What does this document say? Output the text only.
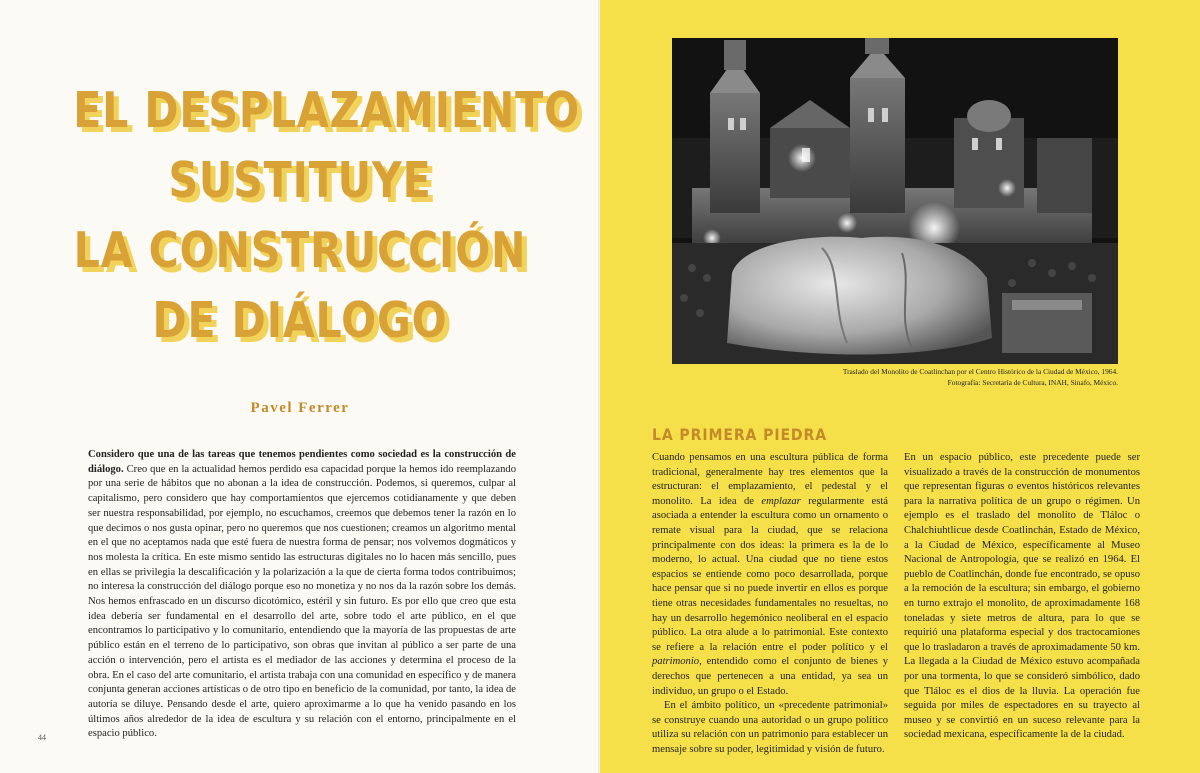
EL DESPLAZAMIENTO
SUSTITUYE
LA CONSTRUCCIÓN
DE DIÁLOGO

Pavel Ferrer

Considero que una de las tareas que tenemos pendientes como sociedad es la construcción de diálogo. Creo que en la actualidad hemos perdido esa capacidad porque la hemos ido reemplazando por una serie de hábitos que no abonan a la idea de construcción. Podemos, si queremos, culpar al capitalismo, pero considero que hay comportamientos que ejercemos cotidianamente y que deben ser nuestra responsabilidad, por ejemplo, no escuchamos, creemos que debemos tener la razón en lo que decimos o nos gusta opinar, pero no queremos que nos cuestionen; creamos un algoritmo mental en el que no aceptamos nada que esté fuera de nuestra forma de pensar; nos volvemos dogmáticos y nos molesta la crítica. En este mismo sentido las estructuras digitales no lo hacen más sencillo, pues en ellas se privilegia la descalificación y la polarización a la que de cierta forma todos contribuimos; no interesa la construcción del diálogo porque eso no monetiza y no nos da la razón sobre los demás. Nos hemos enfrascado en un discurso dicotómico, estéril y sin futuro. Es por ello que creo que esta idea debería ser fundamental en el desarrollo del arte, sobre todo el arte público, en el que encontramos lo participativo y lo comunitario, entendiendo que la mayoría de las propuestas de arte público están en el terreno de lo participativo, son obras que invitan al público a ser parte de una acción o intervención, pero el artista es el mediador de las acciones y determina el proceso de la obra. En el caso del arte comunitario, el artista trabaja con una comunidad en específico y de manera conjunta generan acciones artísticas o de otro tipo en beneficio de la comunidad, por tanto, la idea de autoría se diluye. Pensando desde el arte, quiero aproximarme a lo que ha venido pasando en los últimos años alrededor de la idea de escultura y su relación con el entorno, principalmente en el espacio público.

44

Traslado del Monolito de Coatlinchan por el Centro Histórico de la Ciudad de México, 1964.
Fotografía: Secretaría de Cultura, INAH, Sinafo, México.

LA PRIMERA PIEDRA

Cuando pensamos en una escultura pública de forma tradicional, generalmente hay tres elementos que la estructuran: el emplazamiento, el pedestal y el monolito. La idea de emplazar regularmente está asociada a entender la escultura como un ornamento o remate visual para la ciudad, que se relaciona principalmente con dos ideas: la primera es la de lo moderno, lo actual. Una ciudad que no tiene estos espacios se entiende como poco desarrollada, porque hace pensar que si no puede invertir en ellos es porque tiene otras necesidades fundamentales no resueltas, no hay un desarrollo hegemónico neoliberal en el espacio público. La otra alude a lo patrimonial. Este contexto se refiere a la relación entre el poder político y el patrimonio, entendido como el conjunto de bienes y derechos que pertenecen a una entidad, ya sea un individuo, un grupo o el Estado.
En el ámbito político, un «precedente patrimonial» se construye cuando una autoridad o un grupo político utiliza su relación con un patrimonio para establecer un mensaje sobre su poder, legitimidad y visión de futuro.

En un espacio público, este precedente puede ser visualizado a través de la construcción de monumentos que representan figuras o eventos históricos relevantes para la narrativa política de un grupo o régimen. Un ejemplo es el traslado del monolito de Tláloc o Chalchiuhtlicue desde Coatlinchán, Estado de México, a la Ciudad de México, específicamente al Museo Nacional de Antropología, que se realizó en 1964. El pueblo de Coatlinchán, donde fue encontrado, se opuso a la remoción de la escultura; sin embargo, el gobierno en turno extrajo el monolito, de aproximadamente 168 toneladas y siete metros de altura, para lo que se requirió una plataforma especial y dos tractocamiones que lo trasladaron a través de aproximadamente 50 km. La llegada a la Ciudad de México estuvo acompañada por una tormenta, lo que se consideró simbólico, dado que Tláloc es el dios de la lluvia. La operación fue seguida por miles de espectadores en su trayecto al museo y se convirtió en un suceso relevante para la sociedad mexicana, específicamente la de la ciudad.
